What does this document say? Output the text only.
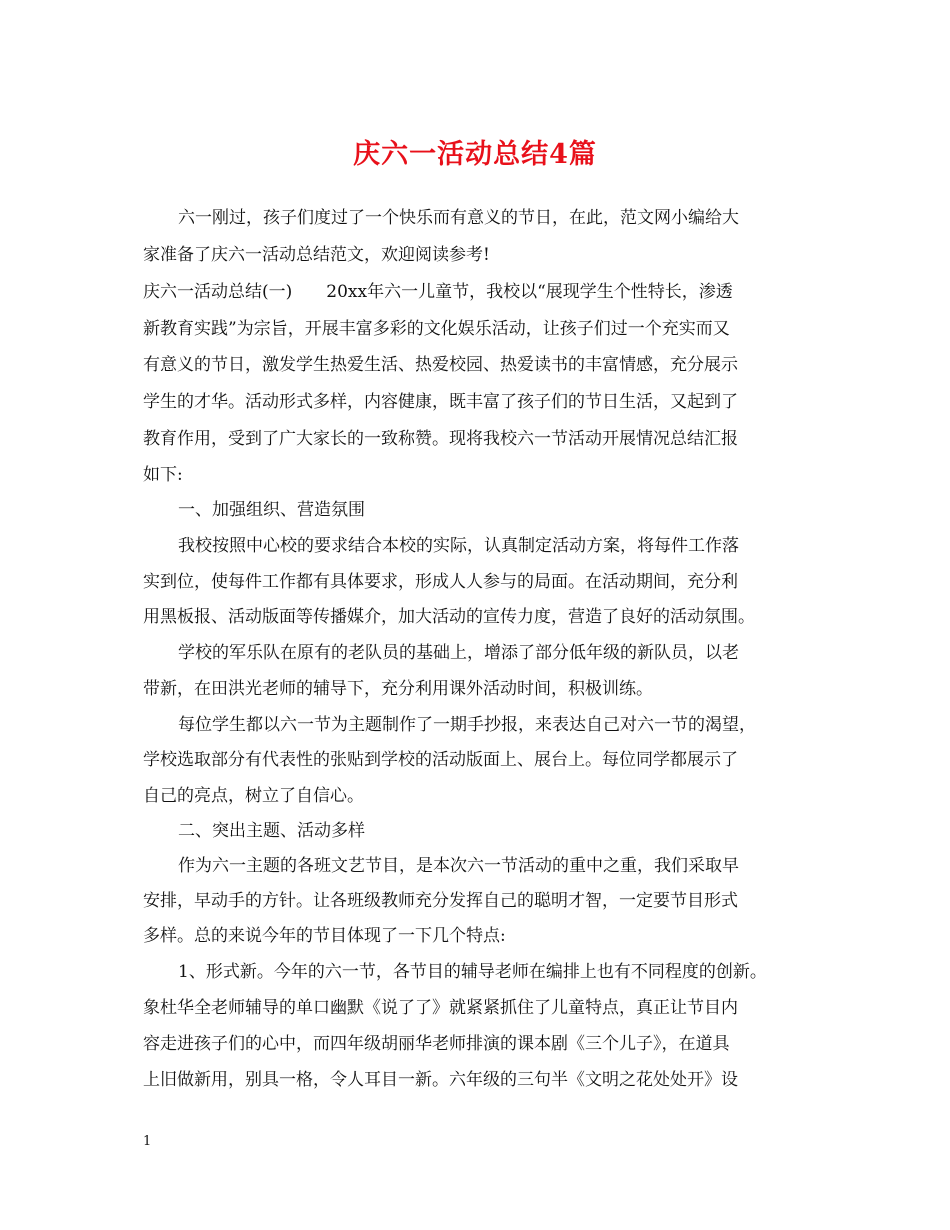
庆六一活动总结4篇
六一刚过，孩子们度过了一个快乐而有意义的节日，在此，范文网小编给大
家准备了庆六一活动总结范文，欢迎阅读参考!
庆六一活动总结(一)　　20xx年六一儿童节，我校以“展现学生个性特长，渗透
新教育实践”为宗旨，开展丰富多彩的文化娱乐活动，让孩子们过一个充实而又
有意义的节日，激发学生热爱生活、热爱校园、热爱读书的丰富情感，充分展示
学生的才华。活动形式多样，内容健康，既丰富了孩子们的节日生活，又起到了
教育作用，受到了广大家长的一致称赞。现将我校六一节活动开展情况总结汇报
如下:
一、加强组织、营造氛围
我校按照中心校的要求结合本校的实际，认真制定活动方案，将每件工作落
实到位，使每件工作都有具体要求，形成人人参与的局面。在活动期间，充分利
用黑板报、活动版面等传播媒介，加大活动的宣传力度，营造了良好的活动氛围。
学校的军乐队在原有的老队员的基础上，增添了部分低年级的新队员，以老
带新，在田洪光老师的辅导下，充分利用课外活动时间，积极训练。
每位学生都以六一节为主题制作了一期手抄报，来表达自己对六一节的渴望，
学校选取部分有代表性的张贴到学校的活动版面上、展台上。每位同学都展示了
自己的亮点，树立了自信心。
二、突出主题、活动多样
作为六一主题的各班文艺节目，是本次六一节活动的重中之重，我们采取早
安排，早动手的方针。让各班级教师充分发挥自己的聪明才智，一定要节目形式
多样。总的来说今年的节目体现了一下几个特点:
1、形式新。今年的六一节，各节目的辅导老师在编排上也有不同程度的创新。
象杜华全老师辅导的单口幽默《说了了》就紧紧抓住了儿童特点，真正让节目内
容走进孩子们的心中，而四年级胡丽华老师排演的课本剧《三个儿子》，在道具
上旧做新用，别具一格，令人耳目一新。六年级的三句半《文明之花处处开》设
1
